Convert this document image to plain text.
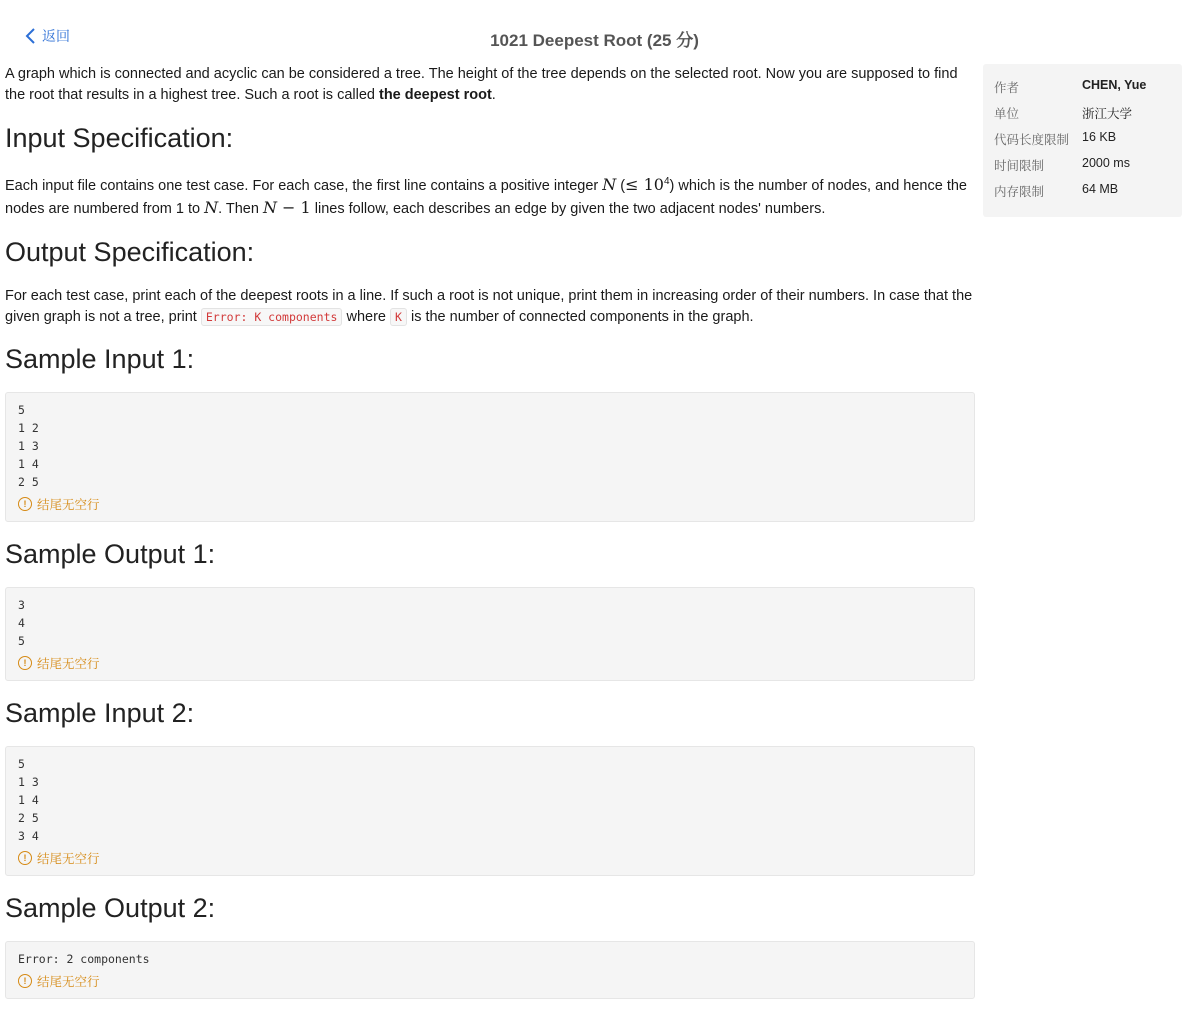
返回	1021 Deepest Root (25 分)

A graph which is connected and acyclic can be considered a tree. The height of the tree depends on the selected root. Now you are supposed to find the root that results in a highest tree. Such a root is called the deepest root.

Input Specification:

Each input file contains one test case. For each case, the first line contains a positive integer N (≤ $10^4$) which is the number of nodes, and hence the nodes are numbered from 1 to N. Then N − 1 lines follow, each describes an edge by given the two adjacent nodes' numbers.

Output Specification:

For each test case, print each of the deepest roots in a line. If such a root is not unique, print them in increasing order of their numbers. In case that the given graph is not a tree, print Error: K components where K is the number of connected components in the graph.

Sample Input 1:
5
1 2
1 3
1 4
2 5
! 结尾无空行
Sample Output 1:
3
4
5
! 结尾无空行
Sample Input 2:
5
1 3
1 4
2 5
3 4
! 结尾无空行
Sample Output 2:
Error: 2 components
! 结尾无空行
作者	CHEN, Yue
单位	浙江大学
代码长度限制	16 KB
时间限制	2000 ms
内存限制	64 MB
